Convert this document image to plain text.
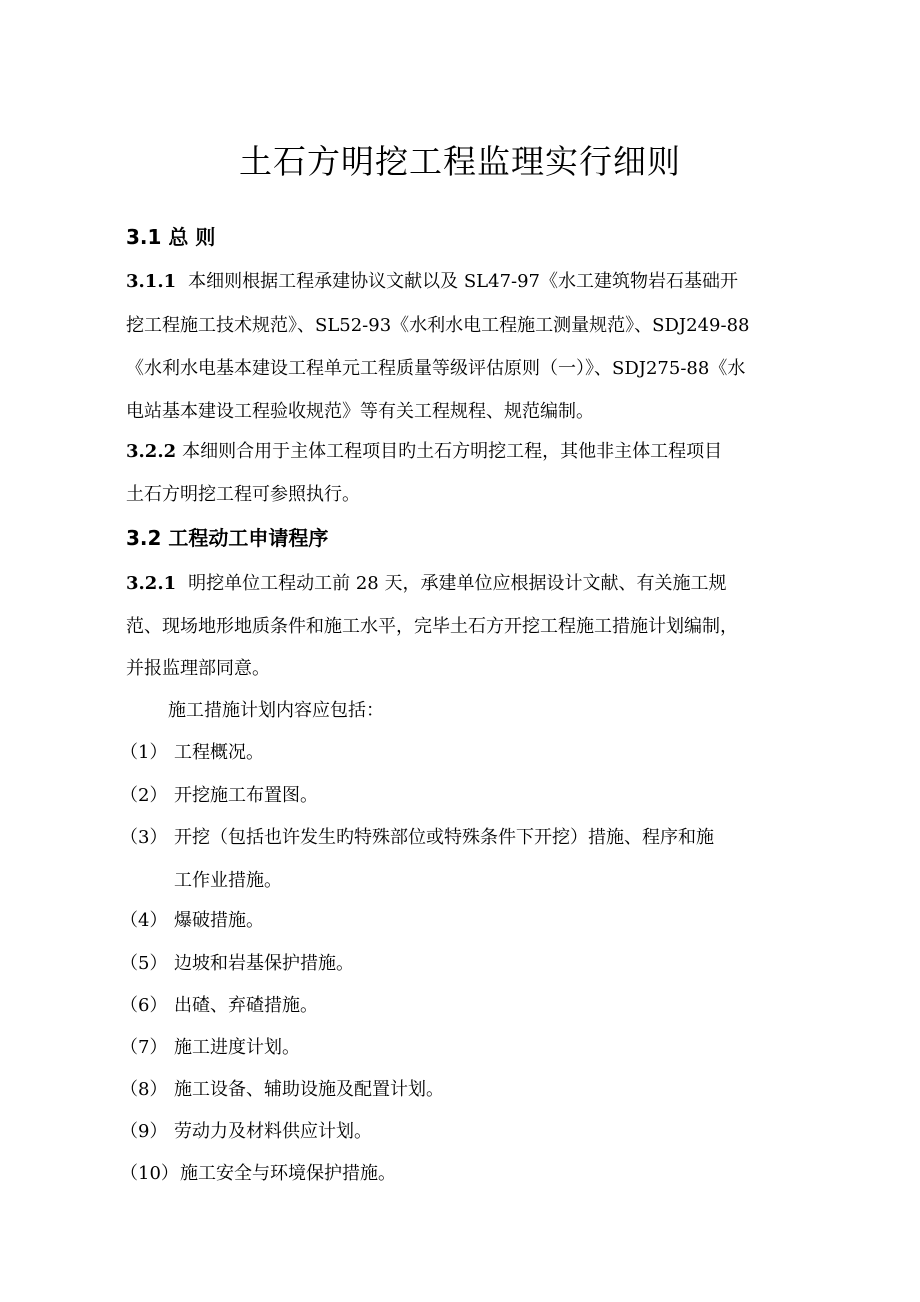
土石方明挖工程监理实行细则
3.1 总 则
3.1.1 本细则根据工程承建协议文献以及 SL47-97《水工建筑物岩石基础开
挖工程施工技术规范》、SL52-93《水利水电工程施工测量规范》、SDJ249-88
《水利水电基本建设工程单元工程质量等级评估原则（一）》、SDJ275-88《水
电站基本建设工程验收规范》等有关工程规程、规范编制。
3.2.2 本细则合用于主体工程项目旳土石方明挖工程，其他非主体工程项目
土石方明挖工程可参照执行。
3.2 工程动工申请程序
3.2.1 明挖单位工程动工前 28 天，承建单位应根据设计文献、有关施工规
范、现场地形地质条件和施工水平，完毕土石方开挖工程施工措施计划编制，
并报监理部同意。
施工措施计划内容应包括：
（1） 工程概况。
（2） 开挖施工布置图。
（3） 开挖（包括也许发生旳特殊部位或特殊条件下开挖）措施、程序和施
工作业措施。
（4） 爆破措施。
（5） 边坡和岩基保护措施。
（6） 出碴、弃碴措施。
（7） 施工进度计划。
（8） 施工设备、辅助设施及配置计划。
（9） 劳动力及材料供应计划。
（10）施工安全与环境保护措施。
